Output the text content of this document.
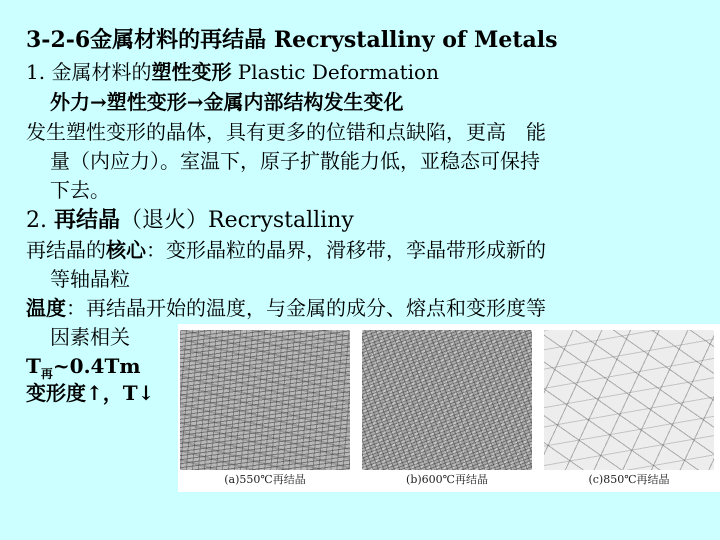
3-2-6金属材料的再结晶 Recrystalliny of Metals
1. 金属材料的塑性变形 Plastic Deformation
外力→塑性变形→金属内部结构发生变化
发生塑性变形的晶体，具有更多的位错和点缺陷，更高　能
量（内应力）。室温下，原子扩散能力低，亚稳态可保持
下去。
2. 再结晶（退火）Recrystalliny
再结晶的核心：变形晶粒的晶界，滑移带，孪晶带形成新的
等轴晶粒
温度：再结晶开始的温度，与金属的成分、熔点和变形度等
因素相关
$T_再\sim 0.4Tm$
变形度↑，T↓
(a)550℃再结晶	(b)600℃再结晶	(c)850℃再结晶
